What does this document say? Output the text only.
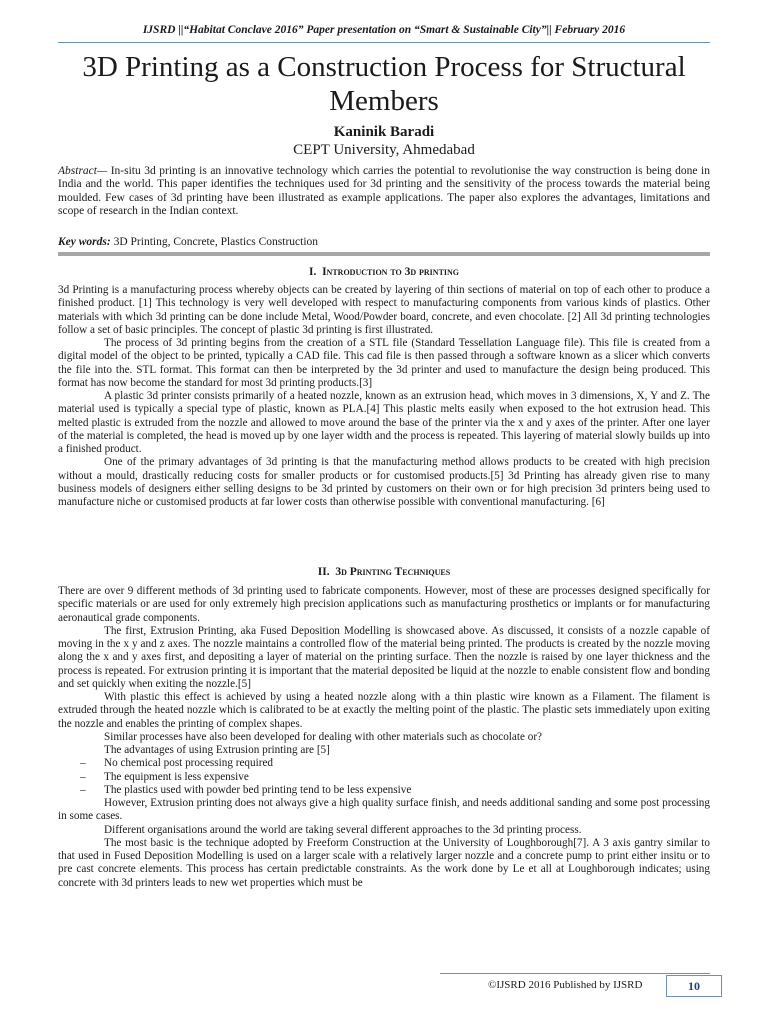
IJSRD ||“Habitat Conclave 2016” Paper presentation on “Smart & Sustainable City”|| February 2016
3D Printing as a Construction Process for Structural Members
Kaninik Baradi
CEPT University, Ahmedabad

Abstract— In-situ 3d printing is an innovative technology which carries the potential to revolutionise the way construction is being done in India and the world. This paper identifies the techniques used for 3d printing and the sensitivity of the process towards the material being moulded. Few cases of 3d printing have been illustrated as example applications. The paper also explores the advantages, limitations and scope of research in the Indian context.

Key words: 3D Printing, Concrete, Plastics Construction

I. Introduction to 3d printing

3d Printing is a manufacturing process whereby objects can be created by layering of thin sections of material on top of each other to produce a finished product. [1] This technology is very well developed with respect to manufacturing components from various kinds of plastics. Other materials with which 3d printing can be done include Metal, Wood/Powder board, concrete, and even chocolate. [2] All 3d printing technologies follow a set of basic principles. The concept of plastic 3d printing is first illustrated.

The process of 3d printing begins from the creation of a STL file (Standard Tessellation Language file). This file is created from a digital model of the object to be printed, typically a CAD file. This cad file is then passed through a software known as a slicer which converts the file into the. STL format. This format can then be interpreted by the 3d printer and used to manufacture the design being produced. This format has now become the standard for most 3d printing products.[3]

A plastic 3d printer consists primarily of a heated nozzle, known as an extrusion head, which moves in 3 dimensions, X, Y and Z. The material used is typically a special type of plastic, known as PLA.[4] This plastic melts easily when exposed to the hot extrusion head. This melted plastic is extruded from the nozzle and allowed to move around the base of the printer via the x and y axes of the printer. After one layer of the material is completed, the head is moved up by one layer width and the process is repeated. This layering of material slowly builds up into a finished product.

One of the primary advantages of 3d printing is that the manufacturing method allows products to be created with high precision without a mould, drastically reducing costs for smaller products or for customised products.[5] 3d Printing has already given rise to many business models of designers either selling designs to be 3d printed by customers on their own or for high precision 3d printers being used to manufacture niche or customised products at far lower costs than otherwise possible with conventional manufacturing. [6]

II. 3d Printing Techniques

There are over 9 different methods of 3d printing used to fabricate components. However, most of these are processes designed specifically for specific materials or are used for only extremely high precision applications such as manufacturing prosthetics or implants or for manufacturing aeronautical grade components.

The first, Extrusion Printing, aka Fused Deposition Modelling is showcased above. As discussed, it consists of a nozzle capable of moving in the x y and z axes. The nozzle maintains a controlled flow of the material being printed. The products is created by the nozzle moving along the x and y axes first, and depositing a layer of material on the printing surface. Then the nozzle is raised by one layer thickness and the process is repeated. For extrusion printing it is important that the material deposited be liquid at the nozzle to enable consistent flow and bonding and set quickly when exiting the nozzle.[5]

With plastic this effect is achieved by using a heated nozzle along with a thin plastic wire known as a Filament. The filament is extruded through the heated nozzle which is calibrated to be at exactly the melting point of the plastic. The plastic sets immediately upon exiting the nozzle and enables the printing of complex shapes.

Similar processes have also been developed for dealing with other materials such as chocolate or?

The advantages of using Extrusion printing are [5]

– No chemical post processing required
– The equipment is less expensive
– The plastics used with powder bed printing tend to be less expensive

However, Extrusion printing does not always give a high quality surface finish, and needs additional sanding and some post processing in some cases.

Different organisations around the world are taking several different approaches to the 3d printing process.

The most basic is the technique adopted by Freeform Construction at the University of Loughborough[7]. A 3 axis gantry similar to that used in Fused Deposition Modelling is used on a larger scale with a relatively larger nozzle and a concrete pump to print either insitu or to pre cast concrete elements. This process has certain predictable constraints. As the work done by Le et all at Loughborough indicates; using concrete with 3d printers leads to new wet properties which must be

©IJSRD 2016 Published by IJSRD	10
